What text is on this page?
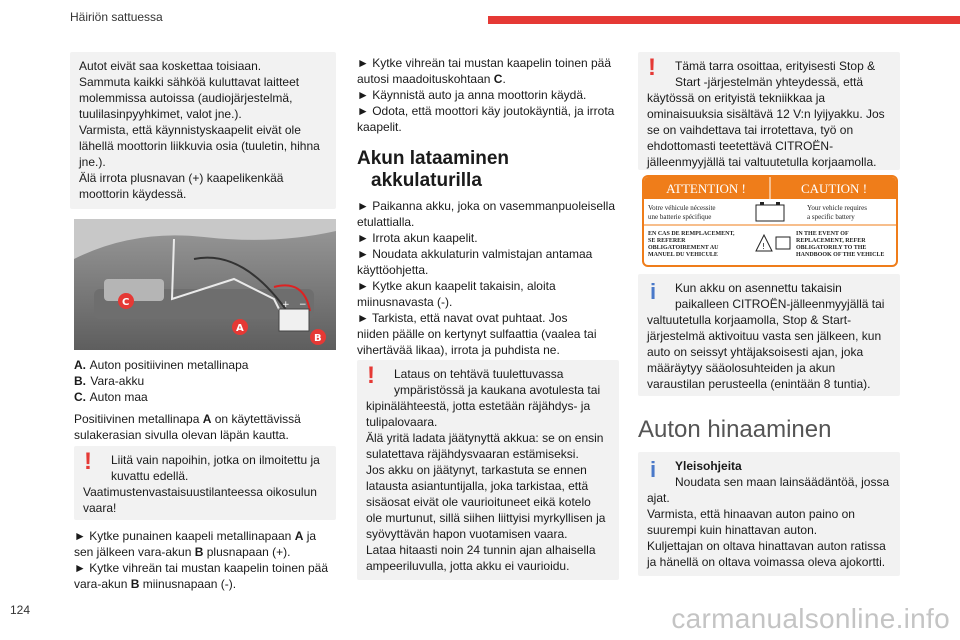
Häiriön sattuessa
Autot eivät saa koskettaa toisiaan.
Sammuta kaikki sähköä kuluttavat laitteet
molemmissa autoissa (audiojärjestelmä,
tuulilasinpyyhkimet, valot jne.).
Varmista, että käynnistyskaapelit eivät ole
lähellä moottorin liikkuvia osia (tuuletin, hihna
jne.).
Älä irrota plusnavan (+) kaapelikenkää
moottorin käydessä.
+ −
C
A
B
A. Auton positiivinen metallinapa
B. Vara-akku
C. Auton maa
Positiivinen metallinapa A on käytettävissä
sulakerasian sivulla olevan läpän kautta.
!	Liitä vain napoihin, jotka on ilmoitettu ja
kuvattu edellä.
Vaatimustenvastaisuustilanteessa oikosulun
vaara!
► Kytke punainen kaapeli metallinapaan A ja
sen jälkeen vara-akun B plusnapaan (+).
► Kytke vihreän tai mustan kaapelin toinen pää
vara-akun B miinusnapaan (-).
► Kytke vihreän tai mustan kaapelin toinen pää
autosi maadoituskohtaan C.
► Käynnistä auto ja anna moottorin käydä.
► Odota, että moottori käy joutokäyntiä, ja irrota
kaapelit.
Akun lataaminen
akkulaturilla
► Paikanna akku, joka on vasemmanpuoleisella
etulattialla.
► Irrota akun kaapelit.
► Noudata akkulaturin valmistajan antamaa
käyttöohjetta.
► Kytke akun kaapelit takaisin, aloita
miinusnavasta (-).
► Tarkista, että navat ovat puhtaat. Jos
niiden päälle on kertynyt sulfaattia (vaalea tai
vihertävää likaa), irrota ja puhdista ne.
!	Lataus on tehtävä tuulettuvassa
ympäristössä ja kaukana avotulesta tai
kipinälähteestä, jotta estetään räjähdys- ja
tulipalovaara.
Älä yritä ladata jäätynyttä akkua: se on ensin
sulatettava räjähdysvaaran estämiseksi.
Jos akku on jäätynyt, tarkastuta se ennen
latausta asiantuntijalla, joka tarkistaa, että
sisäosat eivät ole vaurioituneet eikä kotelo
ole murtunut, sillä siihen liittyisi myrkyllisen ja
syövyttävän hapon vuotamisen vaara.
Lataa hitaasti noin 24 tunnin ajan alhaisella
ampeeriluvulla, jotta akku ei vaurioidu.
!	Tämä tarra osoittaa, erityisesti Stop &
Start -järjestelmän yhteydessä, että
käytössä on erityistä tekniikkaa ja
ominaisuuksia sisältävä 12 V:n lyijyakku. Jos
se on vaihdettava tai irrotettava, työ on
ehdottomasti teetettävä CITROËN-
jälleenmyyjällä tai valtuutetulla korjaamolla.
ATTENTION !	CAUTION !
Votre véhicule nécessite
une batterie spécifique
Your vehicle requires
a specific battery
EN CAS DE REMPLACEMENT,
SE REFERER
OBLIGATOIREMENT AU
MANUEL DU VEHICULE
!
IN THE EVENT OF
REPLACEMENT, REFER
OBLIGATORILY TO THE
HANDBOOK OF THE VEHICLE
i	Kun akku on asennettu takaisin
paikalleen CITROËN-jälleenmyyjällä tai
valtuutetulla korjaamolla, Stop & Start-
järjestelmä aktivoituu vasta sen jälkeen, kun
auto on seissyt yhtäjaksoisesti ajan, joka
määräytyy sääolosuhteiden ja akun
varaustilan perusteella (enintään 8 tuntia).
Auton hinaaminen
i	Yleisohjeita
Noudata sen maan lainsäädäntöä, jossa
ajat.
Varmista, että hinaavan auton paino on
suurempi kuin hinattavan auton.
Kuljettajan on oltava hinattavan auton ratissa
ja hänellä on oltava voimassa oleva ajokortti.
124	carmanualsonline.info
